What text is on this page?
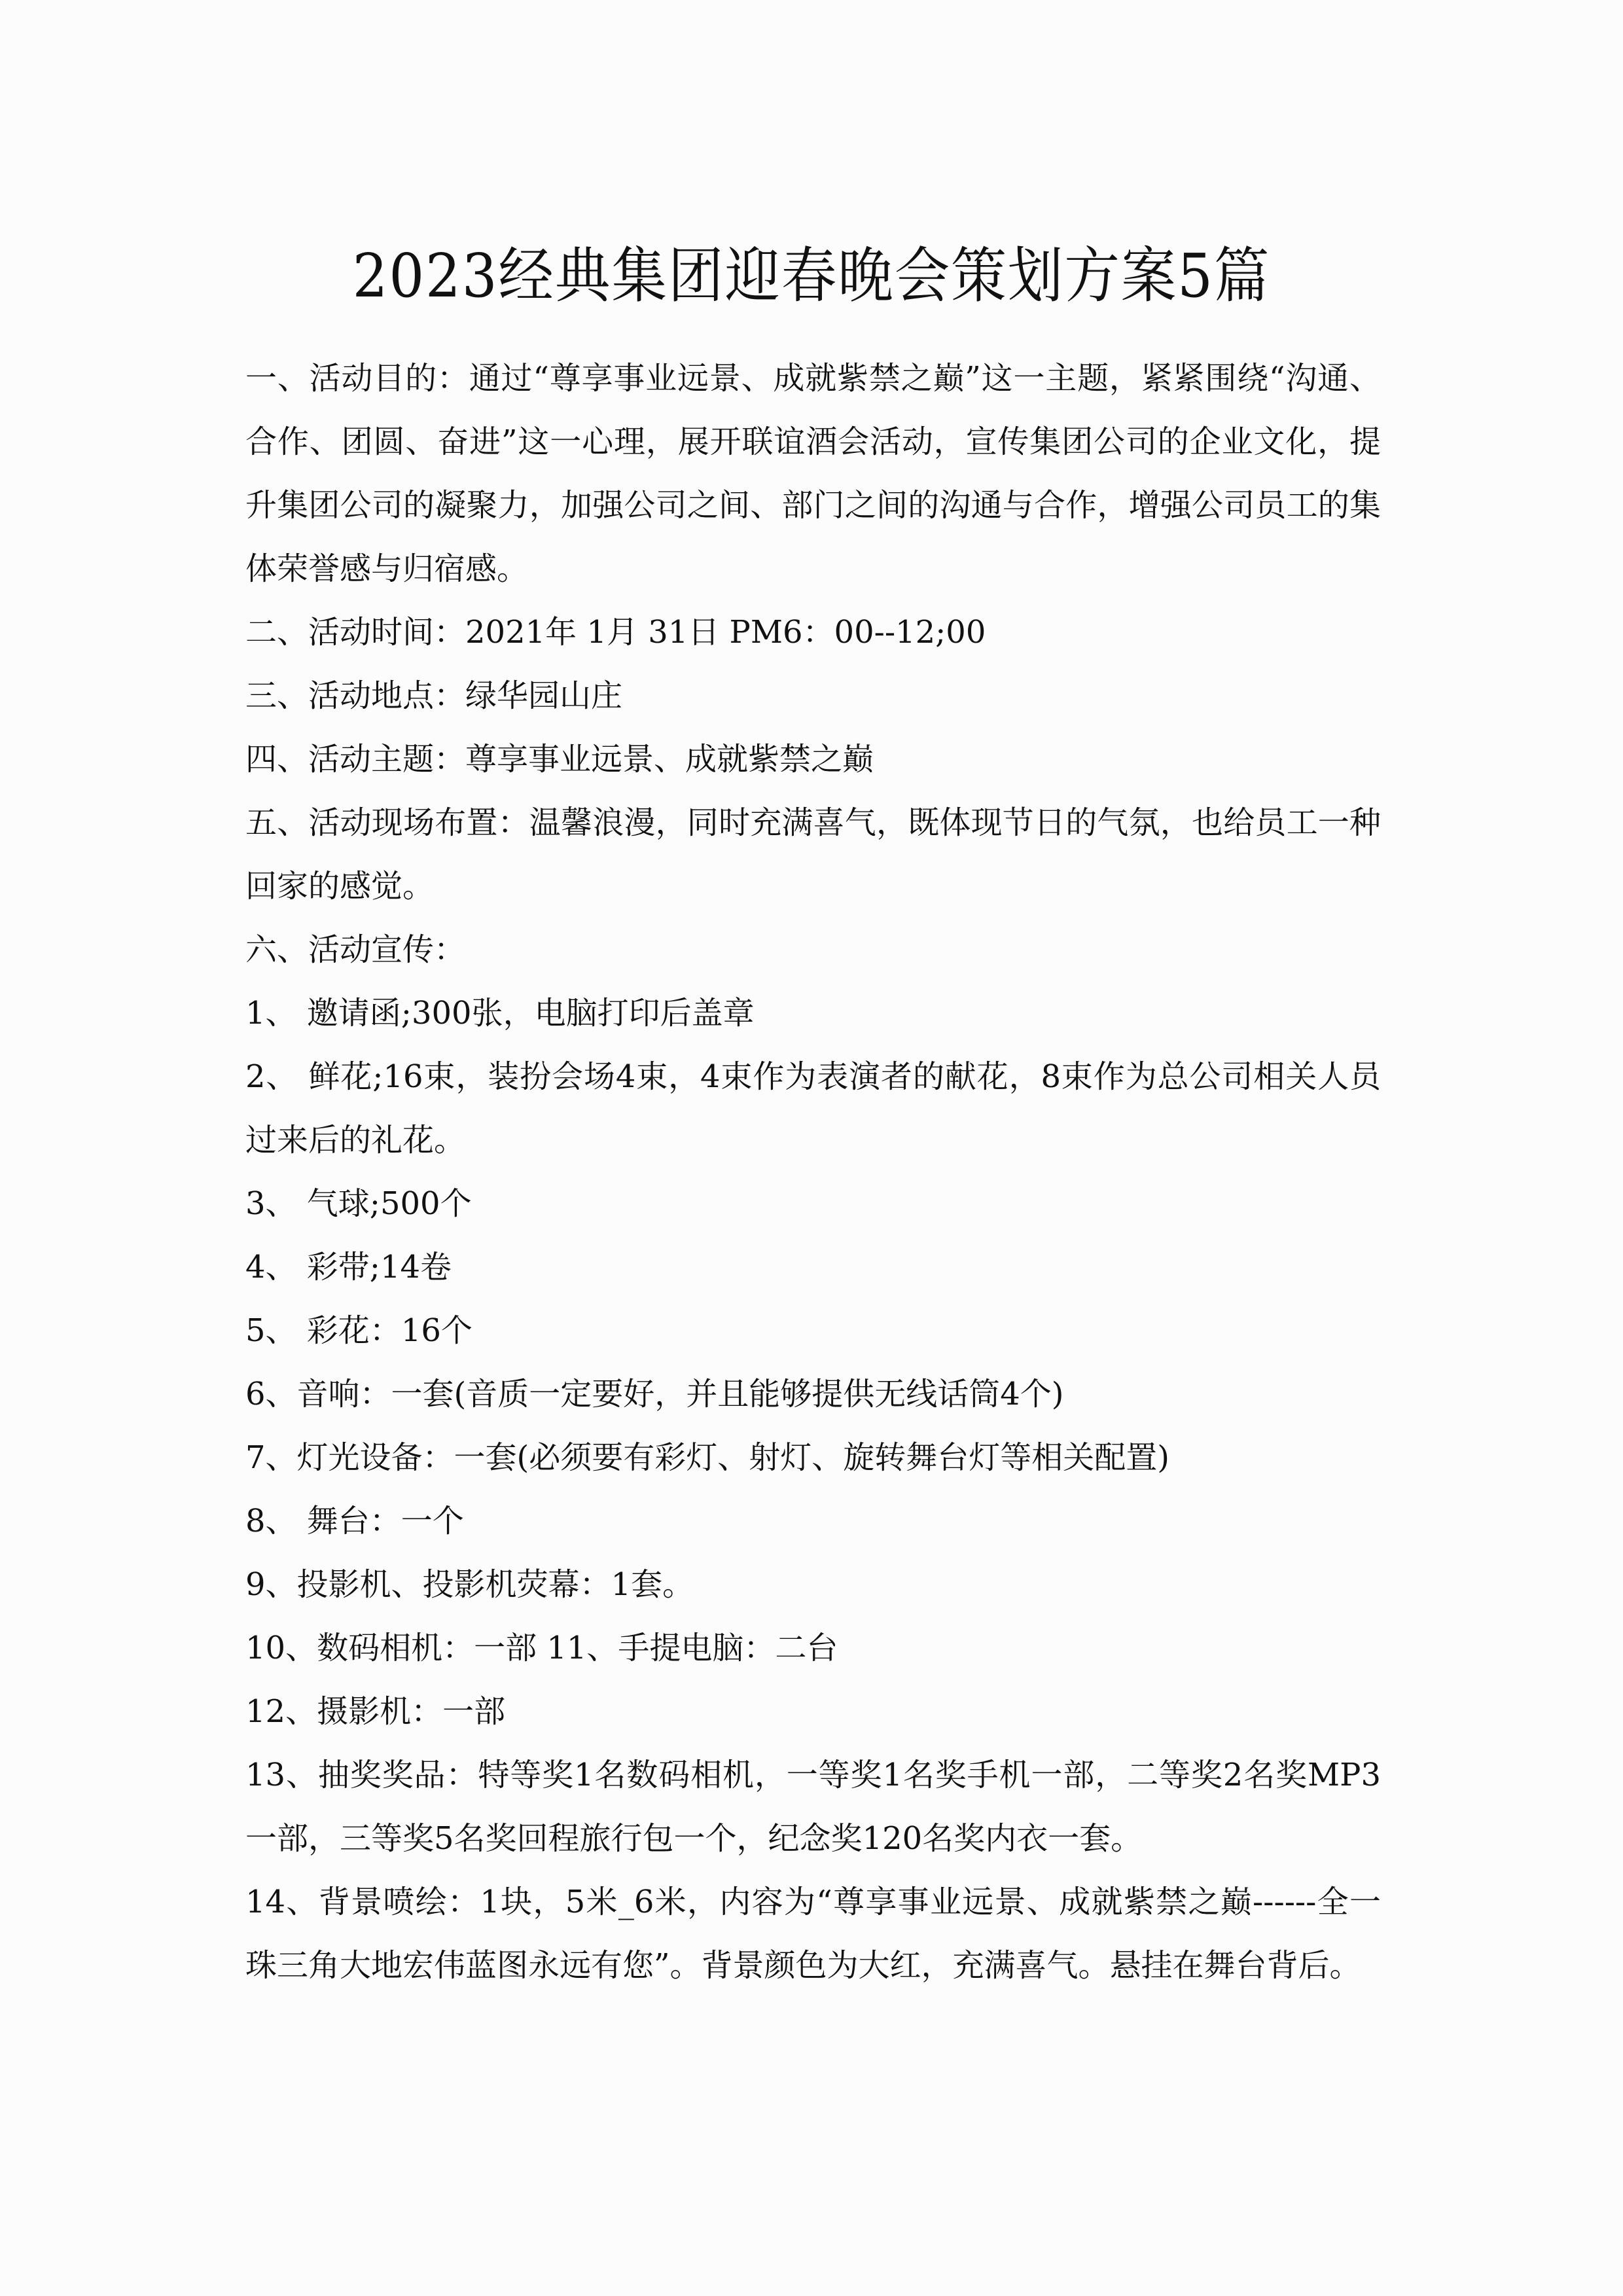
2023经典集团迎春晚会策划方案5篇

一、活动目的：通过“尊享事业远景、成就紫禁之巅”这一主题，紧紧围绕“沟通、合作、团圆、奋进”这一心理，展开联谊酒会活动，宣传集团公司的企业文化，提升集团公司的凝聚力，加强公司之间、部门之间的沟通与合作，增强公司员工的集体荣誉感与归宿感。

二、活动时间：2021年 1月 31日 PM6：00--12;00

三、活动地点：绿华园山庄

四、活动主题：尊享事业远景、成就紫禁之巅

五、活动现场布置：温馨浪漫，同时充满喜气，既体现节日的气氛，也给员工一种回家的感觉。

六、活动宣传：

1、 邀请函;300张，电脑打印后盖章

2、 鲜花;16束，装扮会场4束，4束作为表演者的献花，8束作为总公司相关人员过来后的礼花。

3、 气球;500个

4、 彩带;14卷

5、 彩花：16个

6、音响：一套(音质一定要好，并且能够提供无线话筒4个)

7、灯光设备：一套(必须要有彩灯、射灯、旋转舞台灯等相关配置)

8、 舞台：一个

9、投影机、投影机荧幕：1套。

10、数码相机：一部 11、手提电脑：二台

12、摄影机：一部

13、抽奖奖品：特等奖1名数码相机，一等奖1名奖手机一部，二等奖2名奖MP3一部，三等奖5名奖回程旅行包一个，纪念奖120名奖内衣一套。

14、背景喷绘：1块，5米_6米，内容为“尊享事业远景、成就紫禁之巅------全一珠三角大地宏伟蓝图永远有您”。背景颜色为大红，充满喜气。悬挂在舞台背后。
